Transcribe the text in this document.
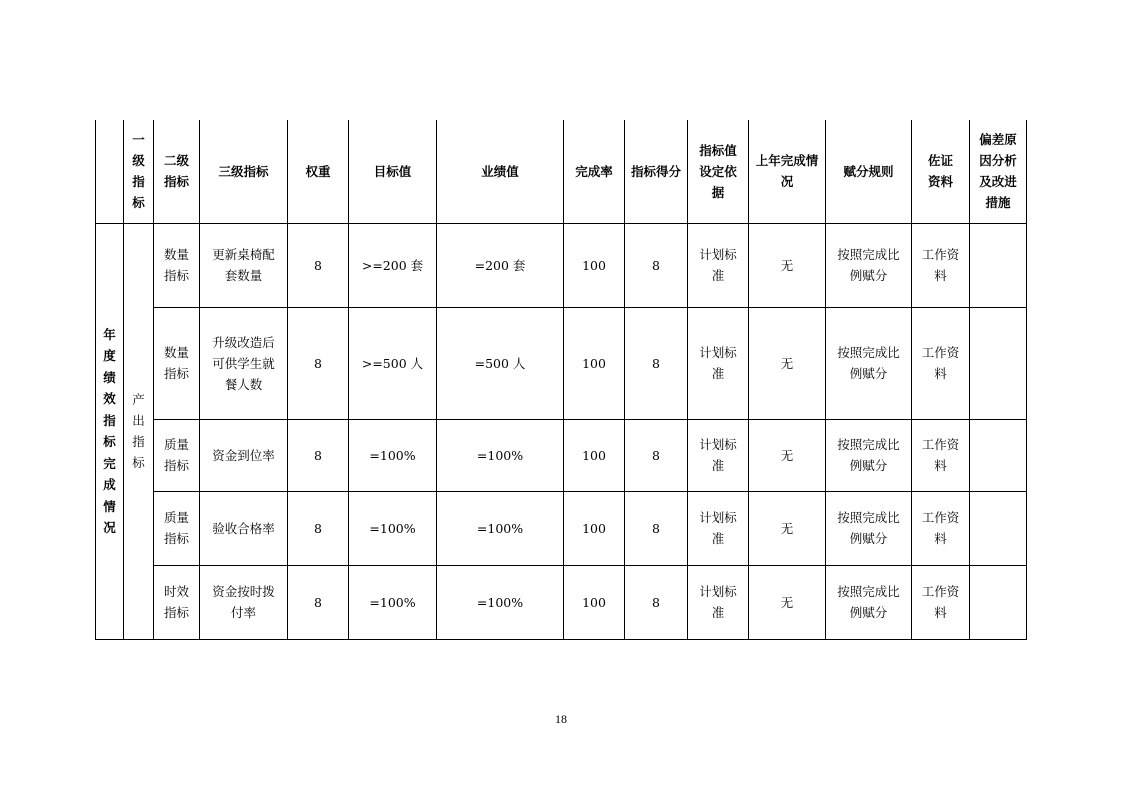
	一级指标	二级指标	三级指标	权重	目标值	业绩值	完成率	指标得分	指标值设定依据	上年完成情况	赋分规则	佐证资料	偏差原因分析及改进措施
年度绩效指标完成情况	产出指标	数量指标	更新桌椅配套数量	8	>=200 套	=200 套	100	8	计划标准	无	按照完成比例赋分	工作资料	
		数量指标	升级改造后可供学生就餐人数	8	>=500 人	=500 人	100	8	计划标准	无	按照完成比例赋分	工作资料	
		质量指标	资金到位率	8	=100%	=100%	100	8	计划标准	无	按照完成比例赋分	工作资料	
		质量指标	验收合格率	8	=100%	=100%	100	8	计划标准	无	按照完成比例赋分	工作资料	
		时效指标	资金按时拨付率	8	=100%	=100%	100	8	计划标准	无	按照完成比例赋分	工作资料	
18
